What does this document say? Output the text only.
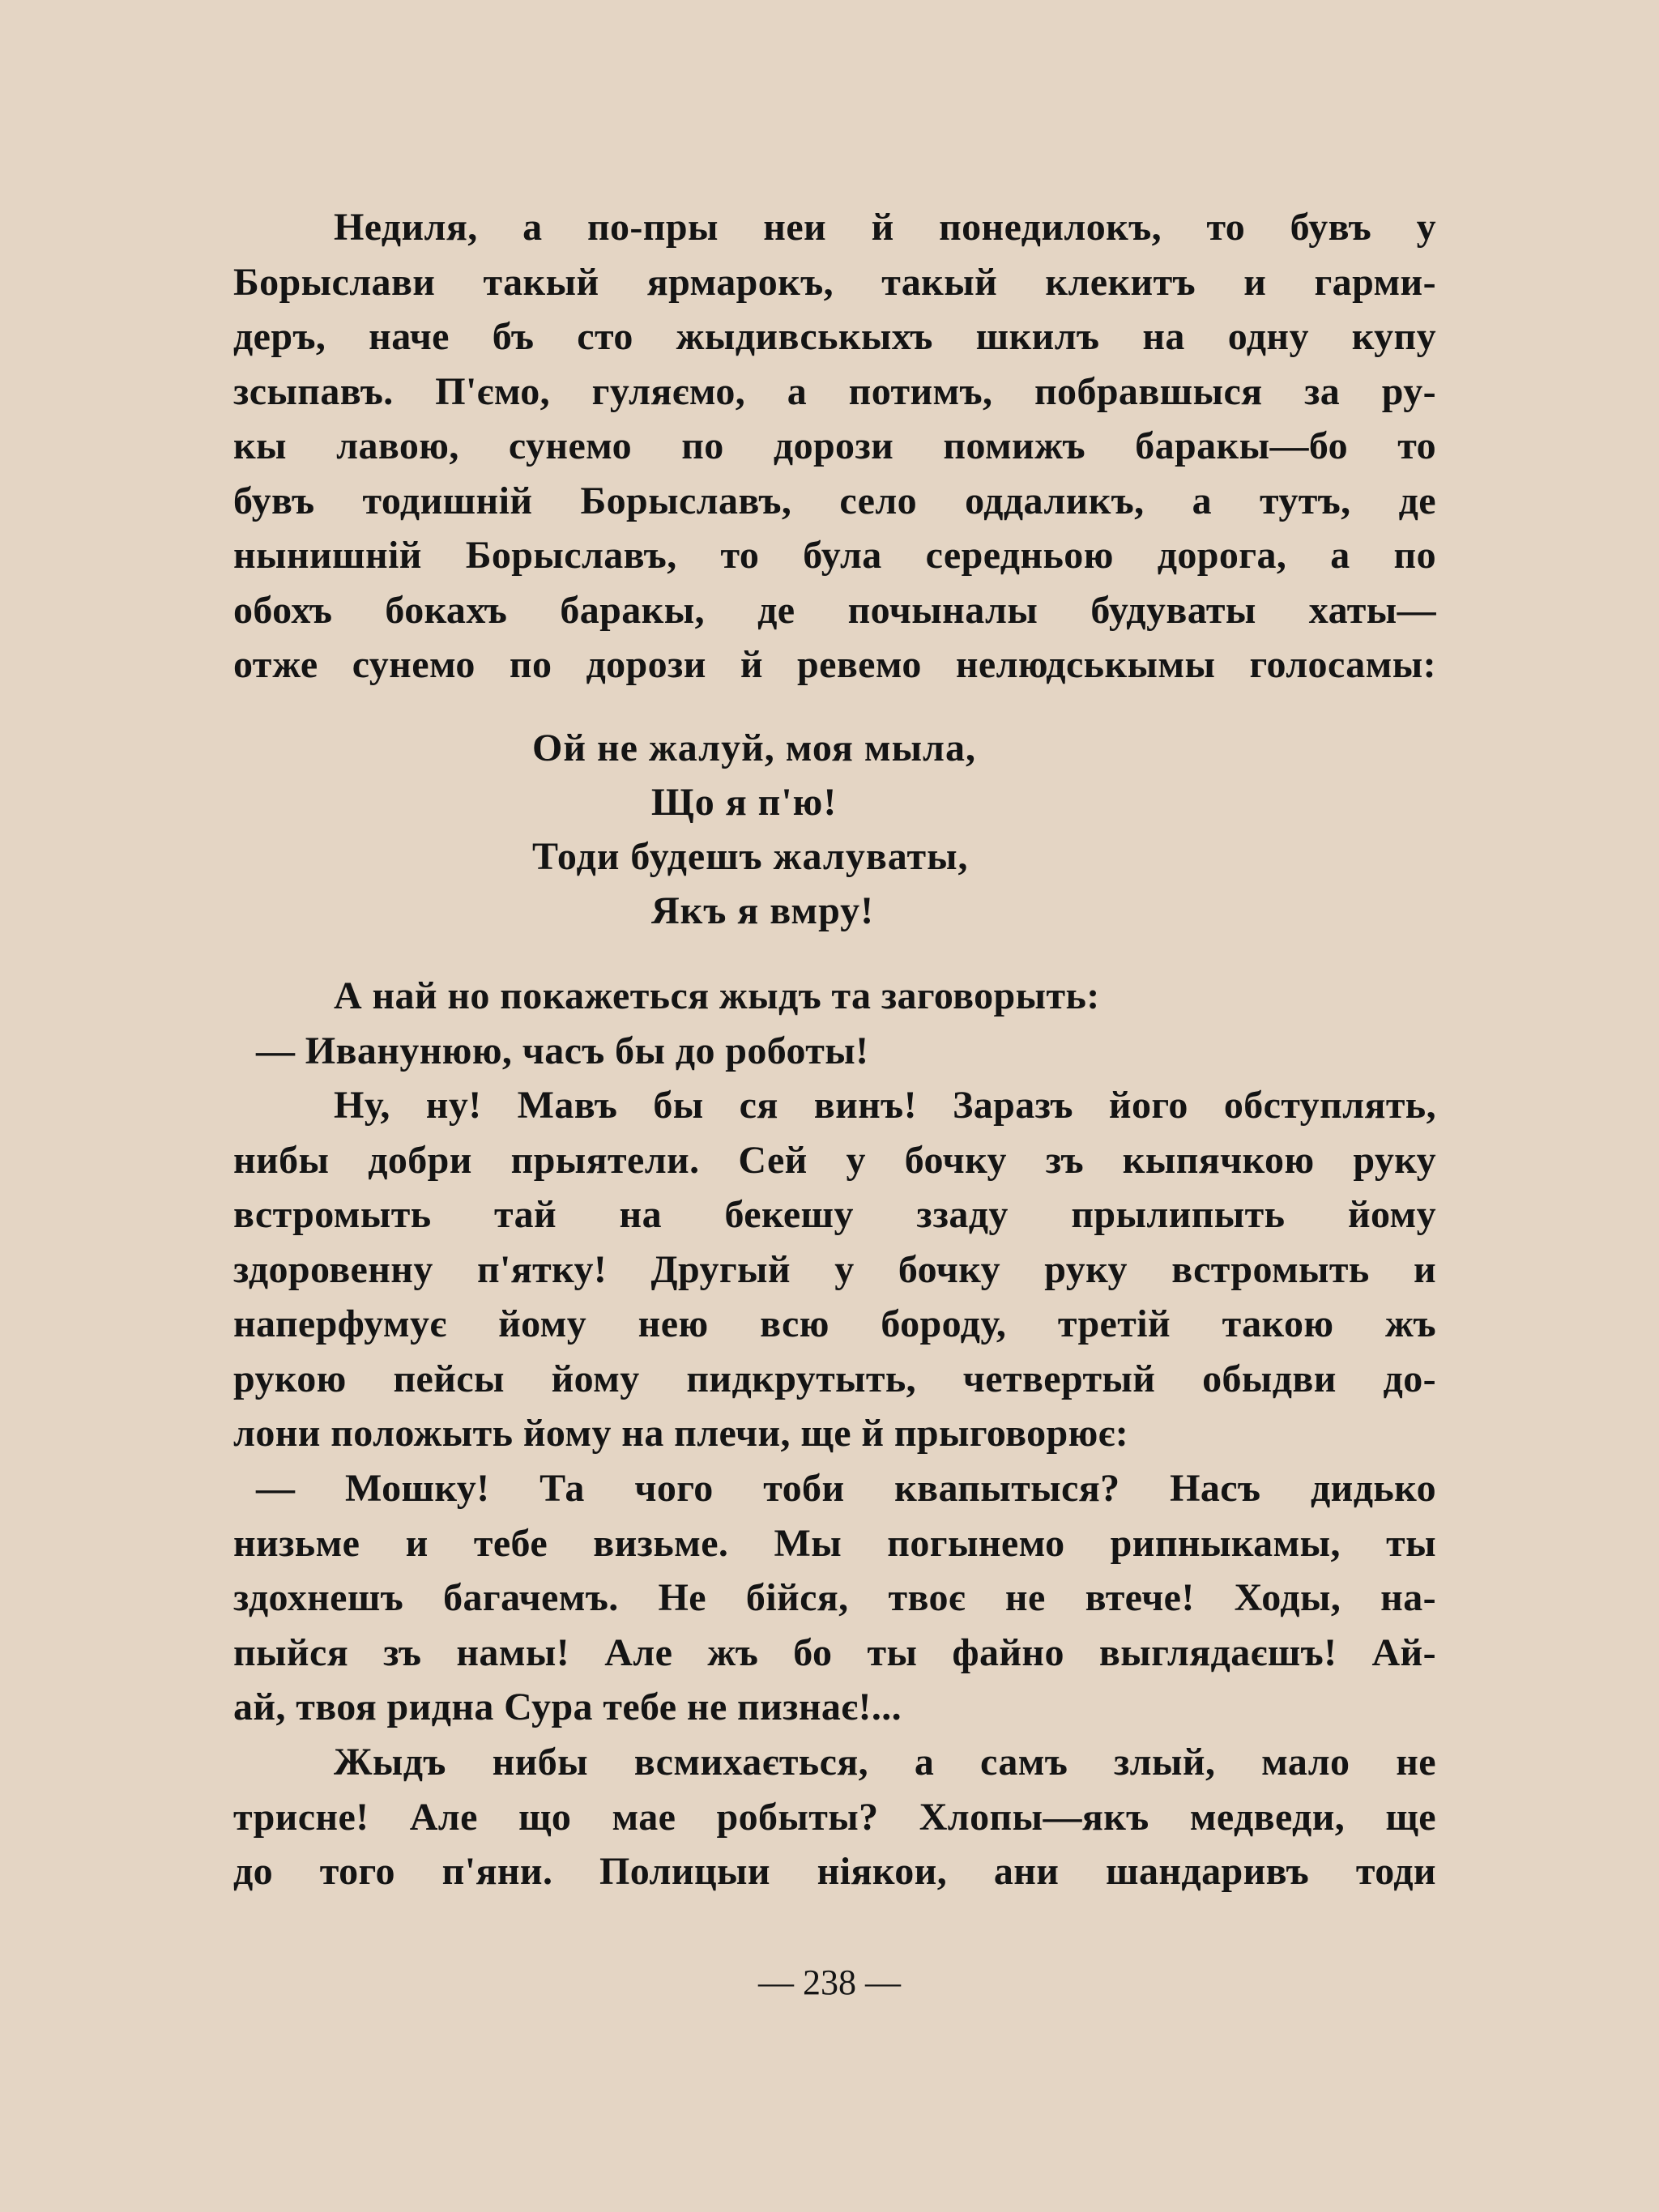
Недиля, а по-пры неи й понедилокъ, то бувъ у
Борыслави такый ярмарокъ, такый клекитъ и гарми-
деръ, наче бъ сто жыдивськыхъ шкилъ на одну купу
зсыпавъ. П'ємо, гуляємо, а потимъ, побравшыся за ру-
кы лавою, сунемо по дорози помижъ баракы—бо то
бувъ тодишній Борыславъ, село оддаликъ, а тутъ, де
нынишній Борыславъ, то була середньою дорога, а по
обохъ бокахъ баракы, де почыналы будуваты хаты—
отже сунемо по дорози й ревемо нелюдськымы голосамы:
Ой не жалуй, моя мыла,
Що я п'ю!
Тоди будешъ жалуваты,
Якъ я вмру!
А най но покажеться жыдъ та заговорыть:
— Иванунюю, часъ бы до роботы!
Ну, ну! Мавъ бы ся винъ! Заразъ його обступлять,
нибы добри прыятели. Сей у бочку зъ кыпячкою руку
встромыть тай на бекешу ззаду прылипыть йому
здоровенну п'ятку! Другый у бочку руку встромыть и
наперфумує йому нею всю бороду, третій такою жъ
рукою пейсы йому пидкрутыть, четвертый обыдви до-
лони положыть йому на плечи, ще й прыговорює:
— Мошку! Та чого тоби квапытыся? Насъ дидько
низьме и тебе визьме. Мы погынемо рипныкамы, ты
здохнешъ багачемъ. Не бійся, твоє не втече! Ходы, на-
пыйся зъ намы! Але жъ бо ты файно выглядаєшъ! Ай-
ай, твоя ридна Сура тебе не пизнає!...
Жыдъ нибы всмихається, а самъ злый, мало не
трисне! Але що мае робыты? Хлопы—якъ медведи, ще
до того п'яни. Полицыи нiякои, ани шандаривъ тоди
— 238 —
